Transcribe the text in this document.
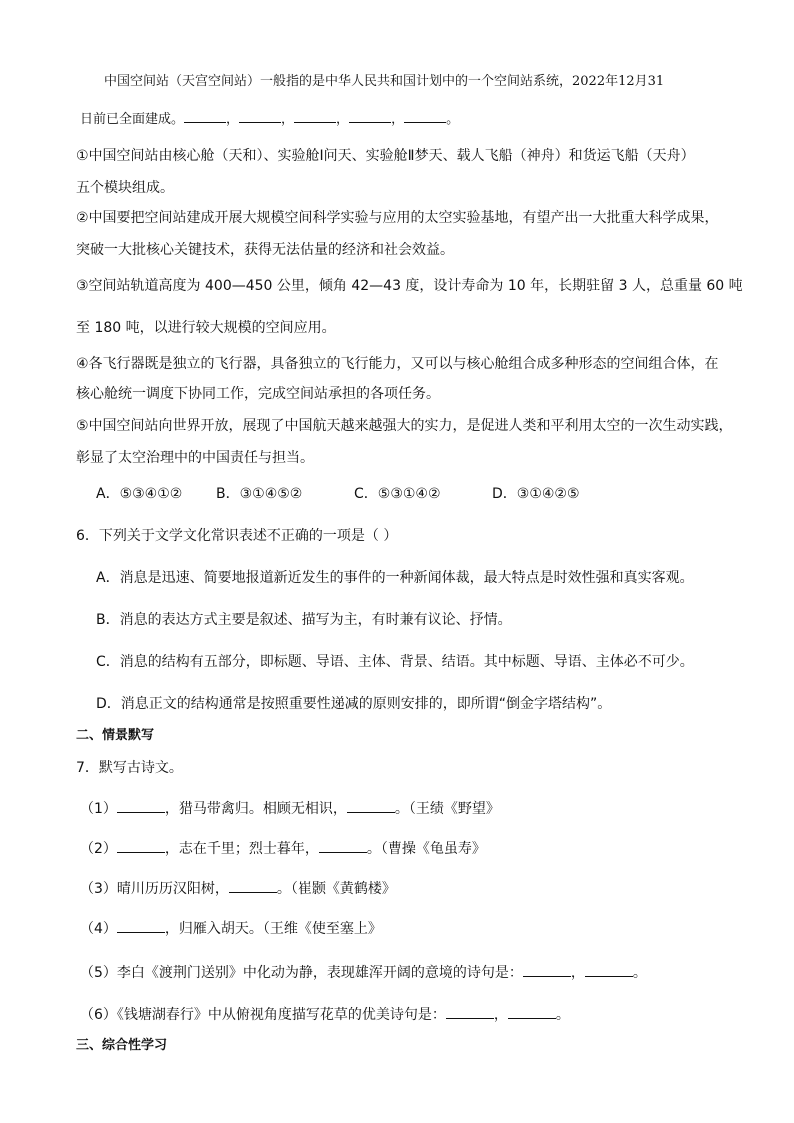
中国空间站（天宫空间站）一般指的是中华人民共和国计划中的一个空间站系统，2022年12月31
日前已全面建成。	，	，	，	，	。
①中国空间站由核心舱（天和）、实验舱Ⅰ问天、实验舱Ⅱ梦天、载人飞船（神舟）和货运飞船（天舟）
五个模块组成。
②中国要把空间站建成开展大规模空间科学实验与应用的太空实验基地，有望产出一大批重大科学成果，
突破一大批核心关键技术，获得无法估量的经济和社会效益。
③空间站轨道高度为 400—450 公里，倾角 42—43 度，设计寿命为 10 年，长期驻留 3 人，总重量 60 吨
至 180 吨，以进行较大规模的空间应用。
④各飞行器既是独立的飞行器，具备独立的飞行能力，又可以与核心舱组合成多种形态的空间组合体，在
核心舱统一调度下协同工作，完成空间站承担的各项任务。
⑤中国空间站向世界开放，展现了中国航天越来越强大的实力，是促进人类和平利用太空的一次生动实践，
彰显了太空治理中的中国责任与担当。
A．⑤③④①② B．③①④⑤②	C．⑤③①④②	D．③①④②⑤
6．下列关于文学文化常识表述不正确的一项是（ ）
A．消息是迅速、简要地报道新近发生的事件的一种新闻体裁，最大特点是时效性强和真实客观。
B．消息的表达方式主要是叙述、描写为主，有时兼有议论、抒情。
C．消息的结构有五部分，即标题、导语、主体、背景、结语。其中标题、导语、主体必不可少。
D．消息正文的结构通常是按照重要性递减的原则安排的，即所谓“倒金字塔结构”。
二、情景默写
7．默写古诗文。
（1）	，猎马带禽归。相顾无相识，	。（王绩《野望》
（2）	，志在千里；烈士暮年，	。（曹操《龟虽寿》
（3）晴川历历汉阳树，	。（崔颢《黄鹤楼》
（4）	，归雁入胡天。（王维《使至塞上》
（5）李白《渡荆门送别》中化动为静，表现雄浑开阔的意境的诗句是：	，	。
（6）《钱塘湖春行》中从俯视角度描写花草的优美诗句是：	，	。
三、综合性学习
